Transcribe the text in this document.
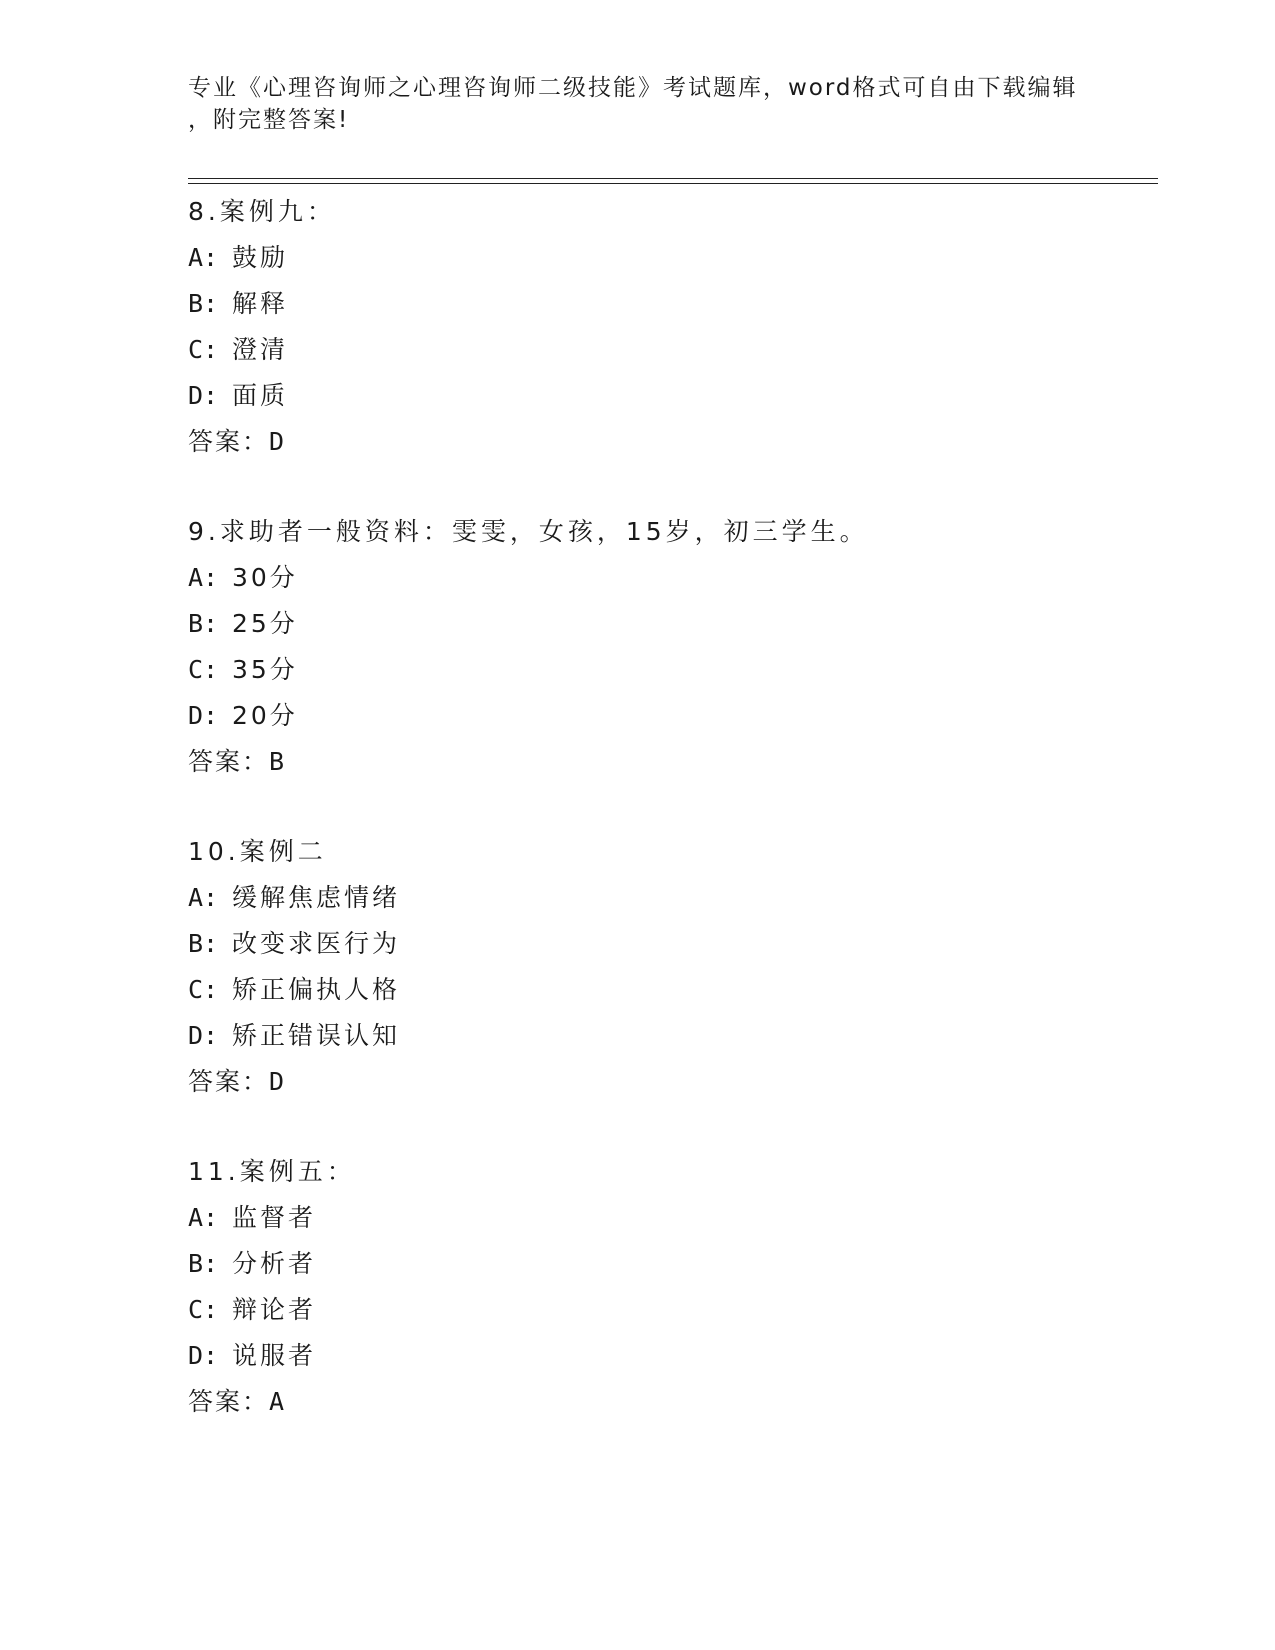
专业《心理咨询师之心理咨询师二级技能》考试题库，word格式可自由下载编辑
，附完整答案!
8.案例九：
A: 鼓励
B: 解释
C: 澄清
D: 面质
答案：D
9.求助者一般资料：雯雯，女孩，15岁，初三学生。
A: 30分
B: 25分
C: 35分
D: 20分
答案：B
10.案例二
A: 缓解焦虑情绪
B: 改变求医行为
C: 矫正偏执人格
D: 矫正错误认知
答案：D
11.案例五：
A: 监督者
B: 分析者
C: 辩论者
D: 说服者
答案：A
